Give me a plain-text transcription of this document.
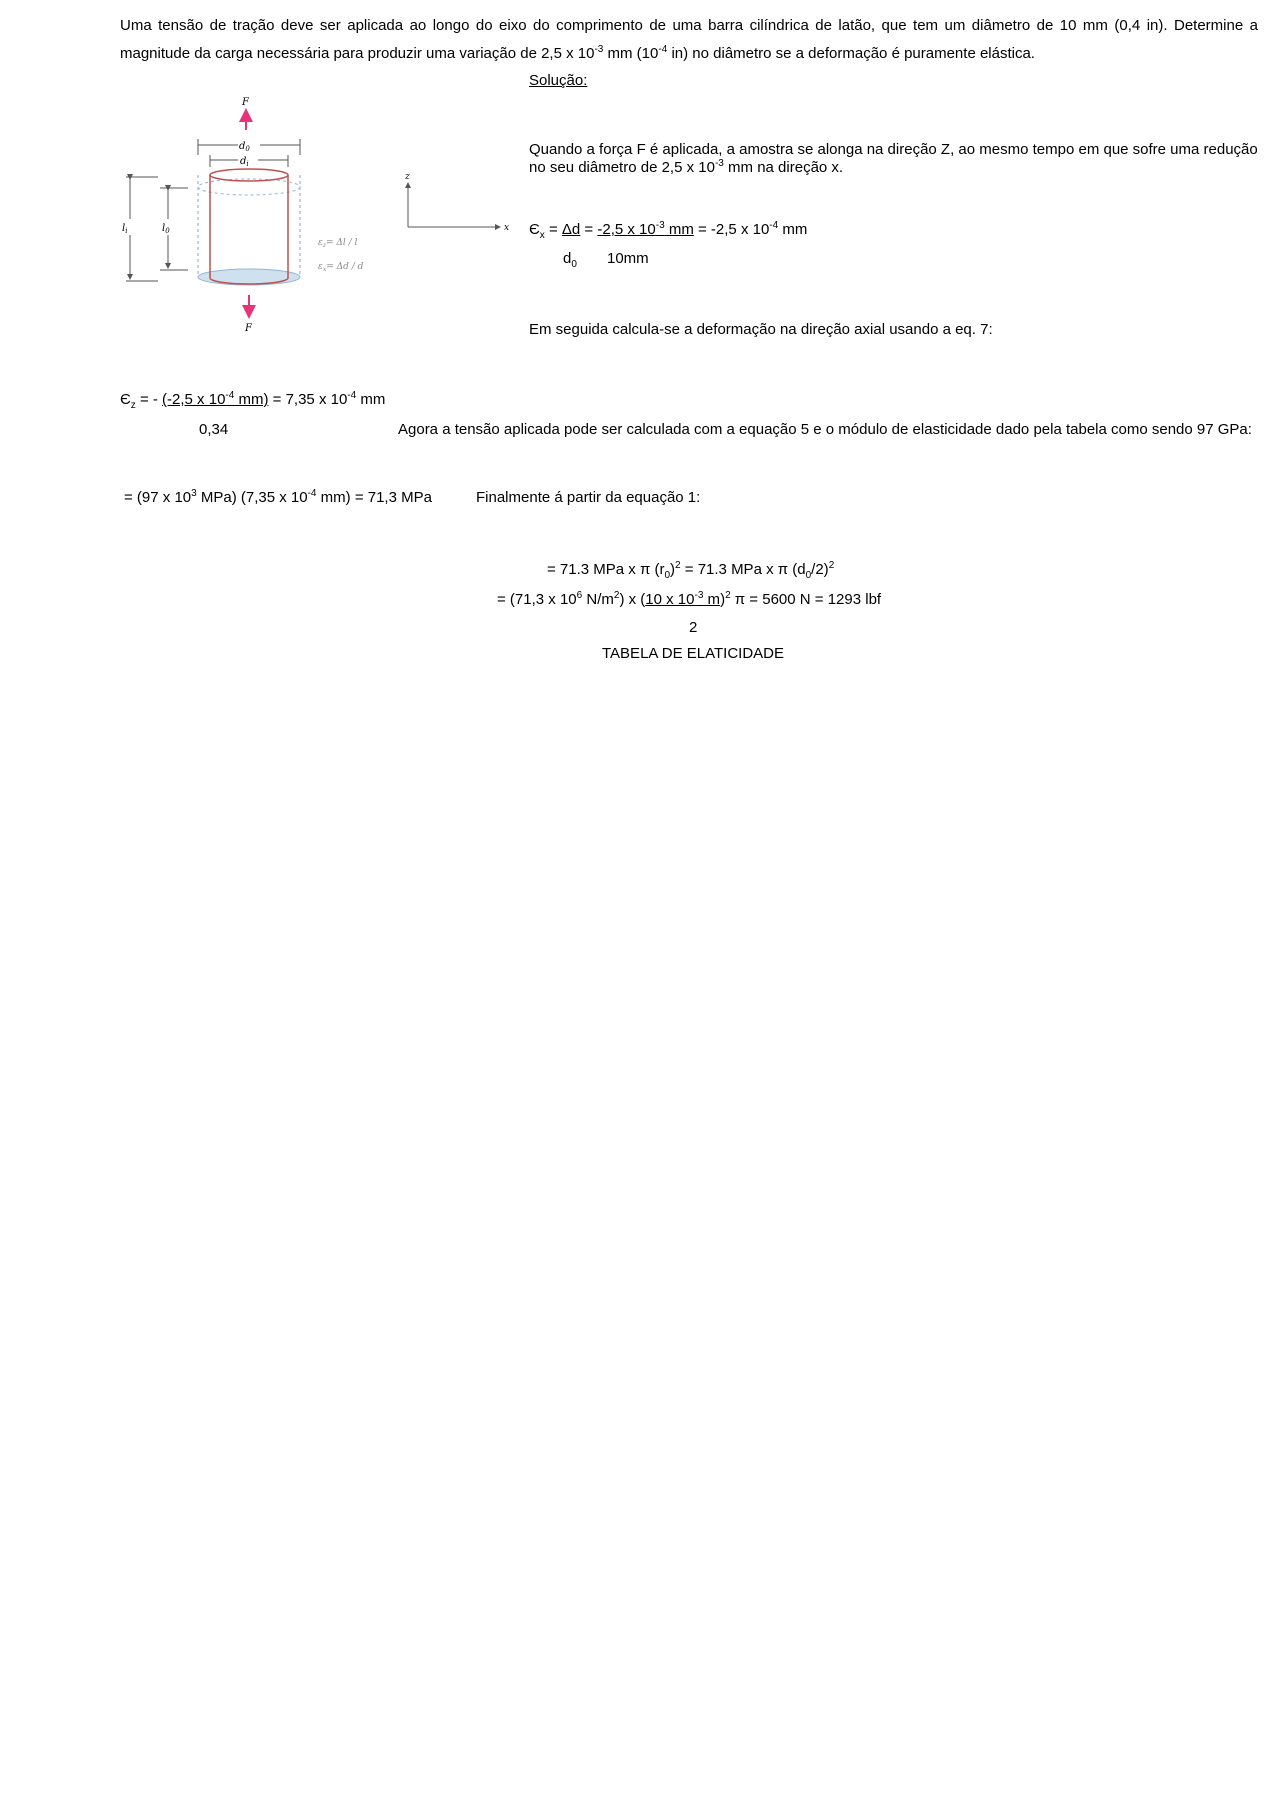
Uma tensão de tração deve ser aplicada ao longo do eixo do comprimento de uma barra cilíndrica de latão, que tem um diâmetro de 10 mm (0,4 in). Determine a magnitude da carga necessária para produzir uma variação de 2,5 x $10^{-3}$ mm ($10^{-4}$ in) no diâmetro se a deformação é puramente elástica.
F
$d_0$
$d_i$
$l_i$	$l_0$
F
$\varepsilon_z= \Delta l / l$
$\varepsilon_x= \Delta d / d$
z
x
Solução:
Quando a força F é aplicada, a amostra se alonga na direção Z, ao mesmo tempo em que sofre uma redução
no seu diâmetro de 2,5 x $10^{-3}$ mm na direção x.
$Є_x = \Delta d = -2,5$ x $10^{-3}$ mm = -2,5 x $10^{-4}$ mm
$d_0$ 10mm
Em seguida calcula-se a deformação na direção axial usando a eq. 7:
$Є_z$ = - (-2,5 x $10^{-4}$ mm) = 7,35 x $10^{-4}$ mm
0,34	Agora a tensão aplicada pode ser calculada com a equação 5 e o módulo de elasticidade dado pela tabela como sendo 97 GPa:
= (97 x $10^3$ MPa) (7,35 x $10^{-4}$ mm) = 71,3 MPa	Finalmente á partir da equação 1:
= 71.3 MPa x π $(r_0)^2 = 71.3$ MPa x π $(d_0/2)^2$
= (71,3 x $10^6$ $N/m^2$) x (10 x $10^{-3}$ m)$^2$ π = 5600 N = 1293 lbf
2
TABELA DE ELATICIDADE
